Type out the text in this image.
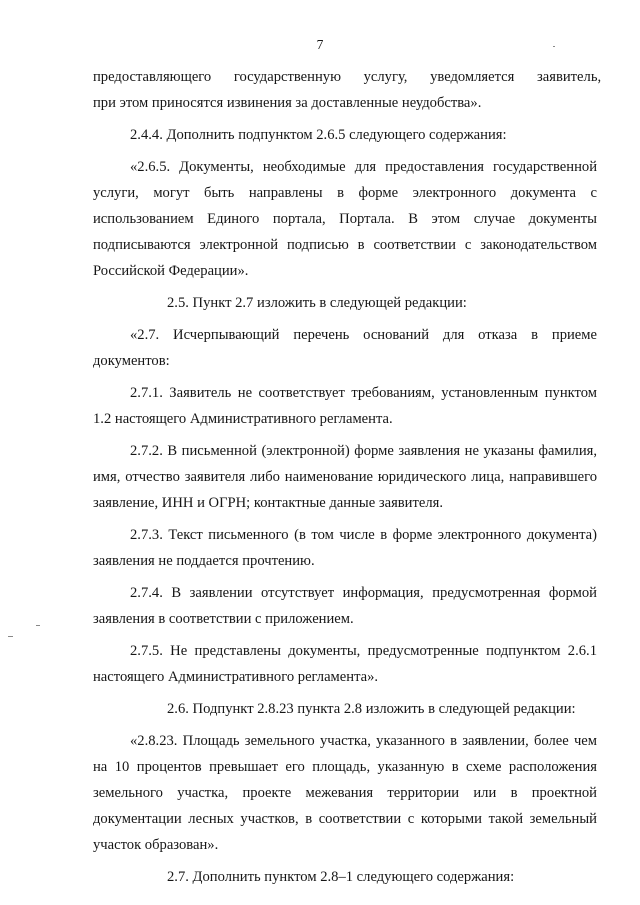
7

предоставляющего государственную услугу, уведомляется заявитель,

при этом приносятся извинения за доставленные неудобства».

2.4.4. Дополнить подпунктом 2.6.5 следующего содержания:

«2.6.5. Документы, необходимые для предоставления государственной услуги, могут быть направлены в форме электронного документа с использованием Единого портала, Портала. В этом случае документы подписываются электронной подписью в соответствии с законодательством Российской Федерации».

2.5. Пункт 2.7 изложить в следующей редакции:

«2.7. Исчерпывающий перечень оснований для отказа в приеме документов:

2.7.1. Заявитель не соответствует требованиям, установленным пунктом 1.2 настоящего Административного регламента.

2.7.2. В письменной (электронной) форме заявления не указаны фамилия, имя, отчество заявителя либо наименование юридического лица, направившего заявление, ИНН и ОГРН; контактные данные заявителя.

2.7.3. Текст письменного (в том числе в форме электронного документа) заявления не поддается прочтению.

2.7.4. В заявлении отсутствует информация, предусмотренная формой заявления в соответствии с приложением.

2.7.5. Не представлены документы, предусмотренные подпунктом 2.6.1 настоящего Административного регламента».

2.6. Подпункт 2.8.23 пункта 2.8 изложить в следующей редакции:

«2.8.23. Площадь земельного участка, указанного в заявлении, более чем на 10 процентов превышает его площадь, указанную в схеме расположения земельного участка, проекте межевания территории или в проектной документации лесных участков, в соответствии с которыми такой земельный участок образован».

2.7. Дополнить пунктом 2.8–1 следующего содержания:
